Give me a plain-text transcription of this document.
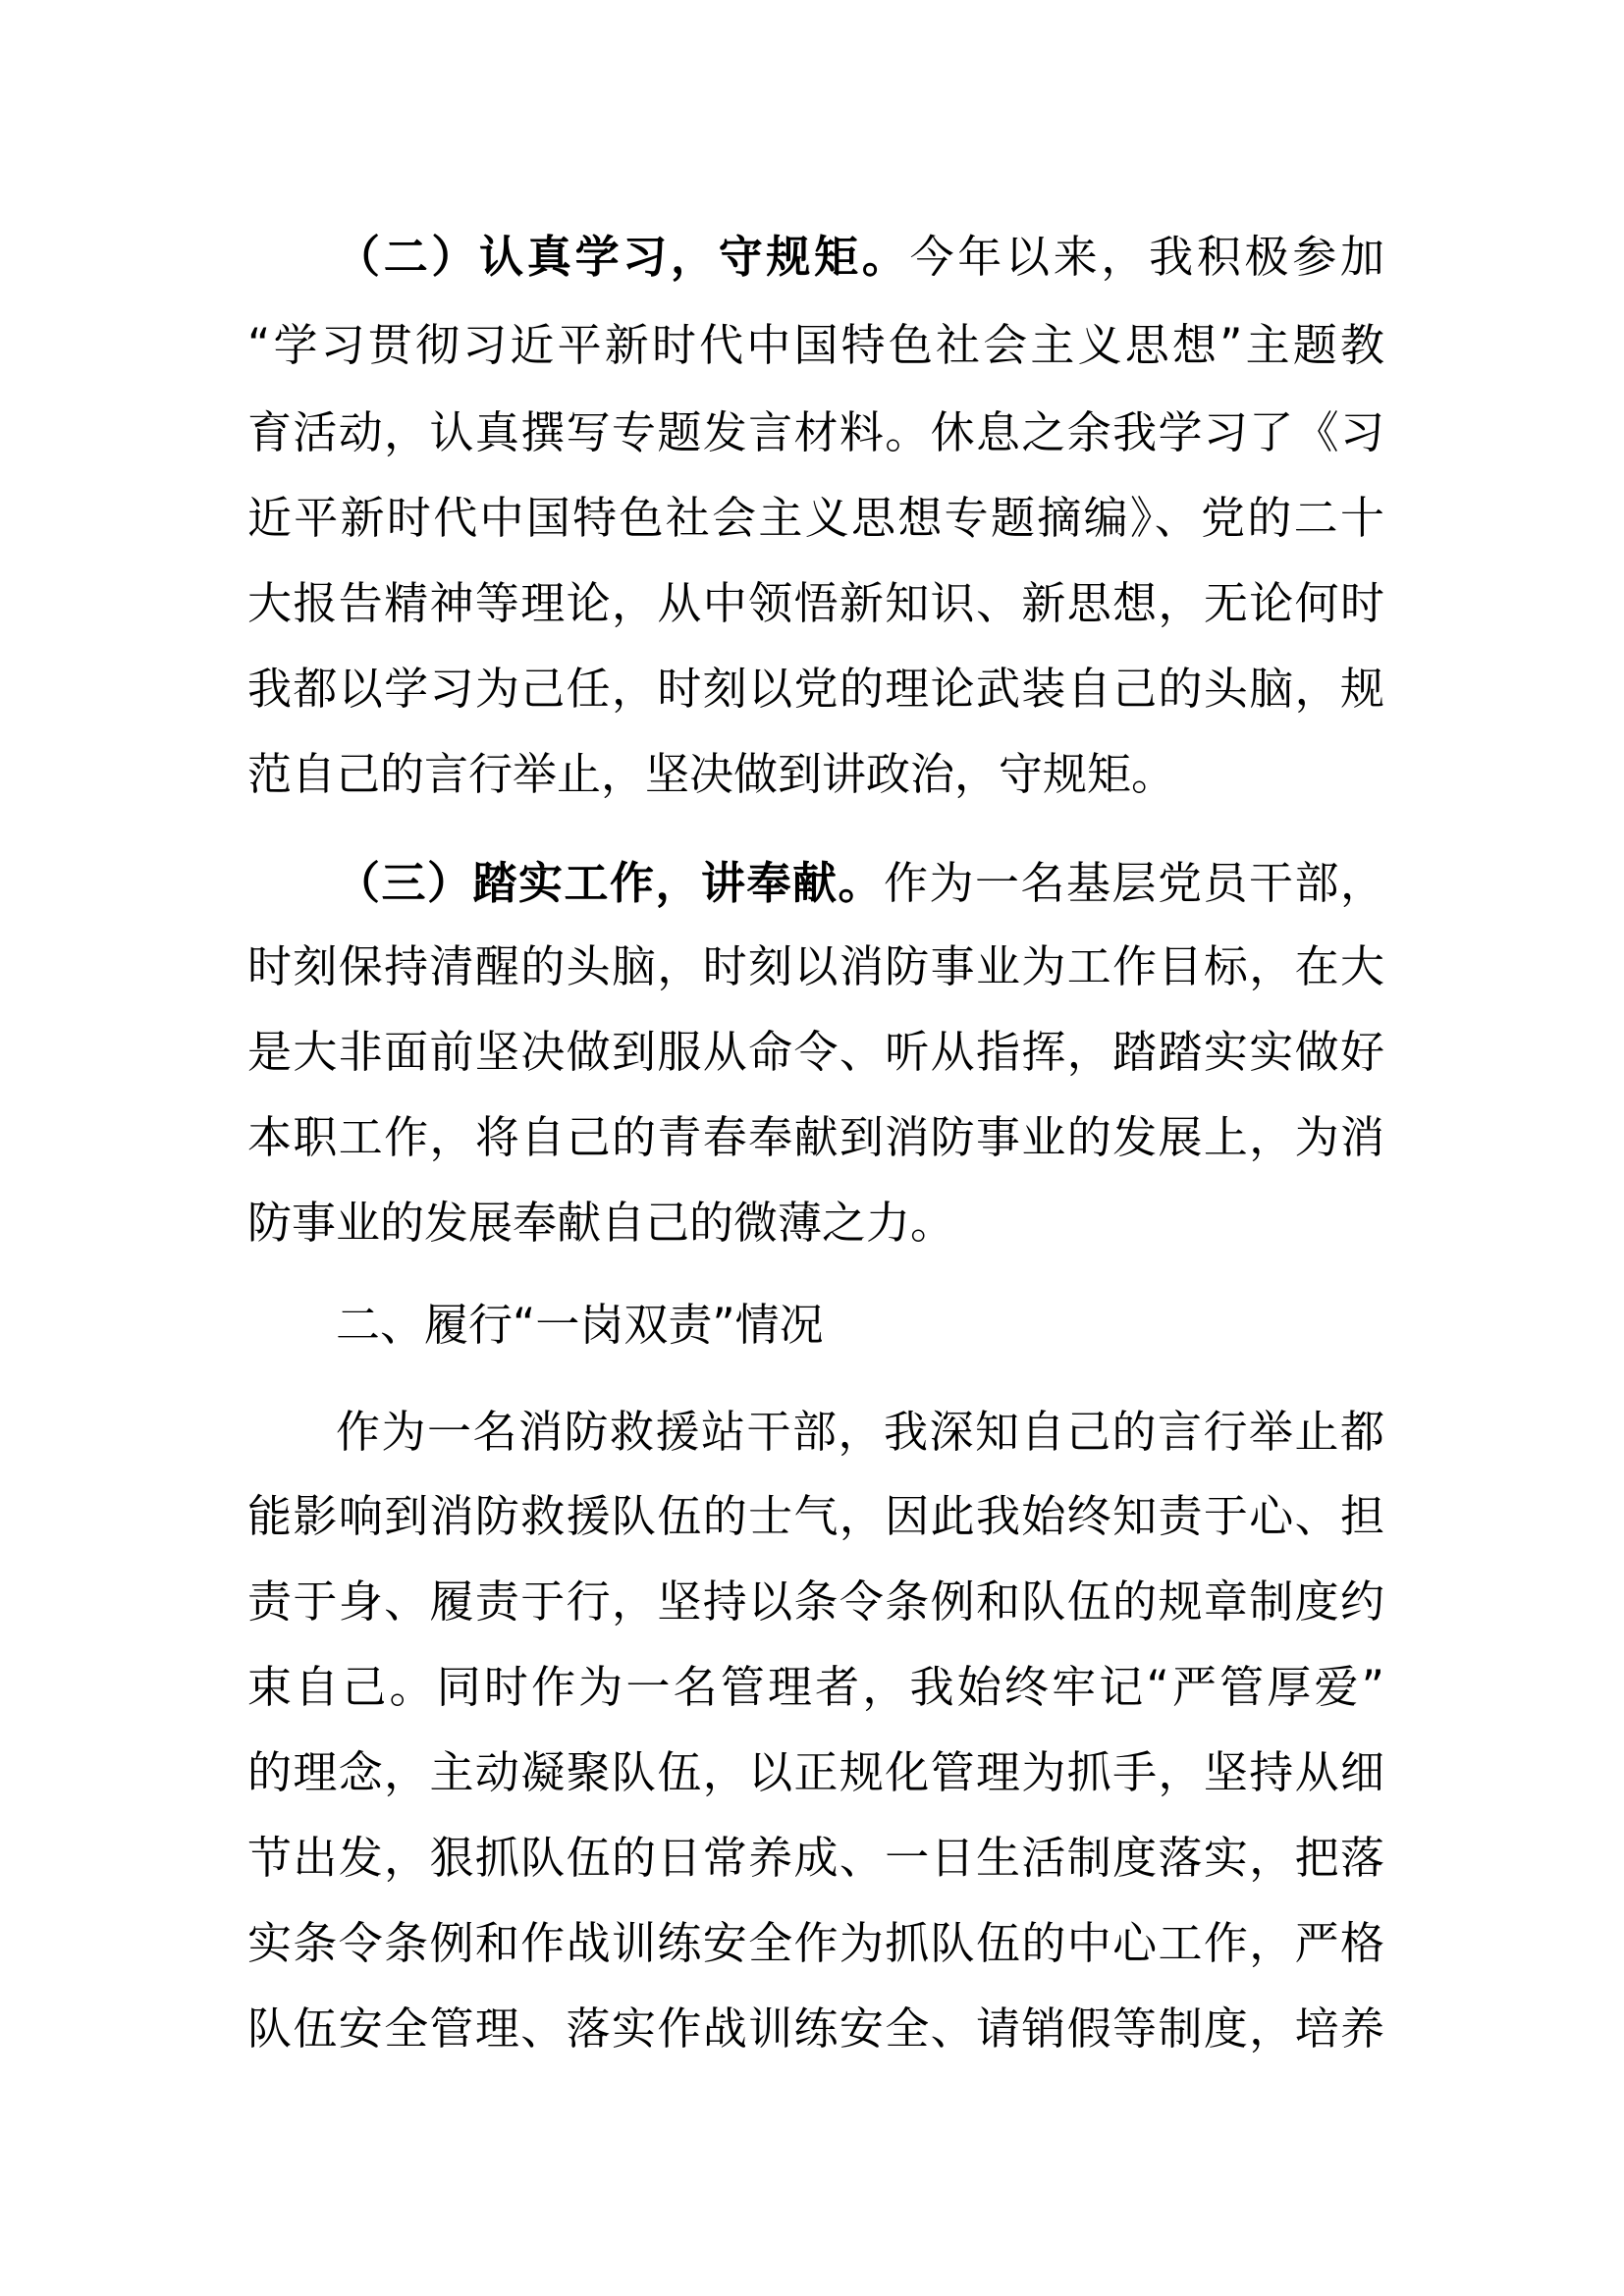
（二）认真学习，守规矩。今年以来，我积极参加
“学习贯彻习近平新时代中国特色社会主义思想”主题教
育活动，认真撰写专题发言材料。休息之余我学习了《习
近平新时代中国特色社会主义思想专题摘编》、党的二十
大报告精神等理论，从中领悟新知识、新思想，无论何时
我都以学习为己任，时刻以党的理论武装自己的头脑，规
范自己的言行举止，坚决做到讲政治，守规矩。
（三）踏实工作，讲奉献。作为一名基层党员干部，
时刻保持清醒的头脑，时刻以消防事业为工作目标，在大
是大非面前坚决做到服从命令、听从指挥，踏踏实实做好
本职工作，将自己的青春奉献到消防事业的发展上，为消
防事业的发展奉献自己的微薄之力。
二、履行“一岗双责”情况
作为一名消防救援站干部，我深知自己的言行举止都
能影响到消防救援队伍的士气，因此我始终知责于心、担
责于身、履责于行，坚持以条令条例和队伍的规章制度约
束自己。同时作为一名管理者，我始终牢记“严管厚爱”
的理念，主动凝聚队伍，以正规化管理为抓手，坚持从细
节出发，狠抓队伍的日常养成、一日生活制度落实，把落
实条令条例和作战训练安全作为抓队伍的中心工作，严格
队伍安全管理、落实作战训练安全、请销假等制度，培养
